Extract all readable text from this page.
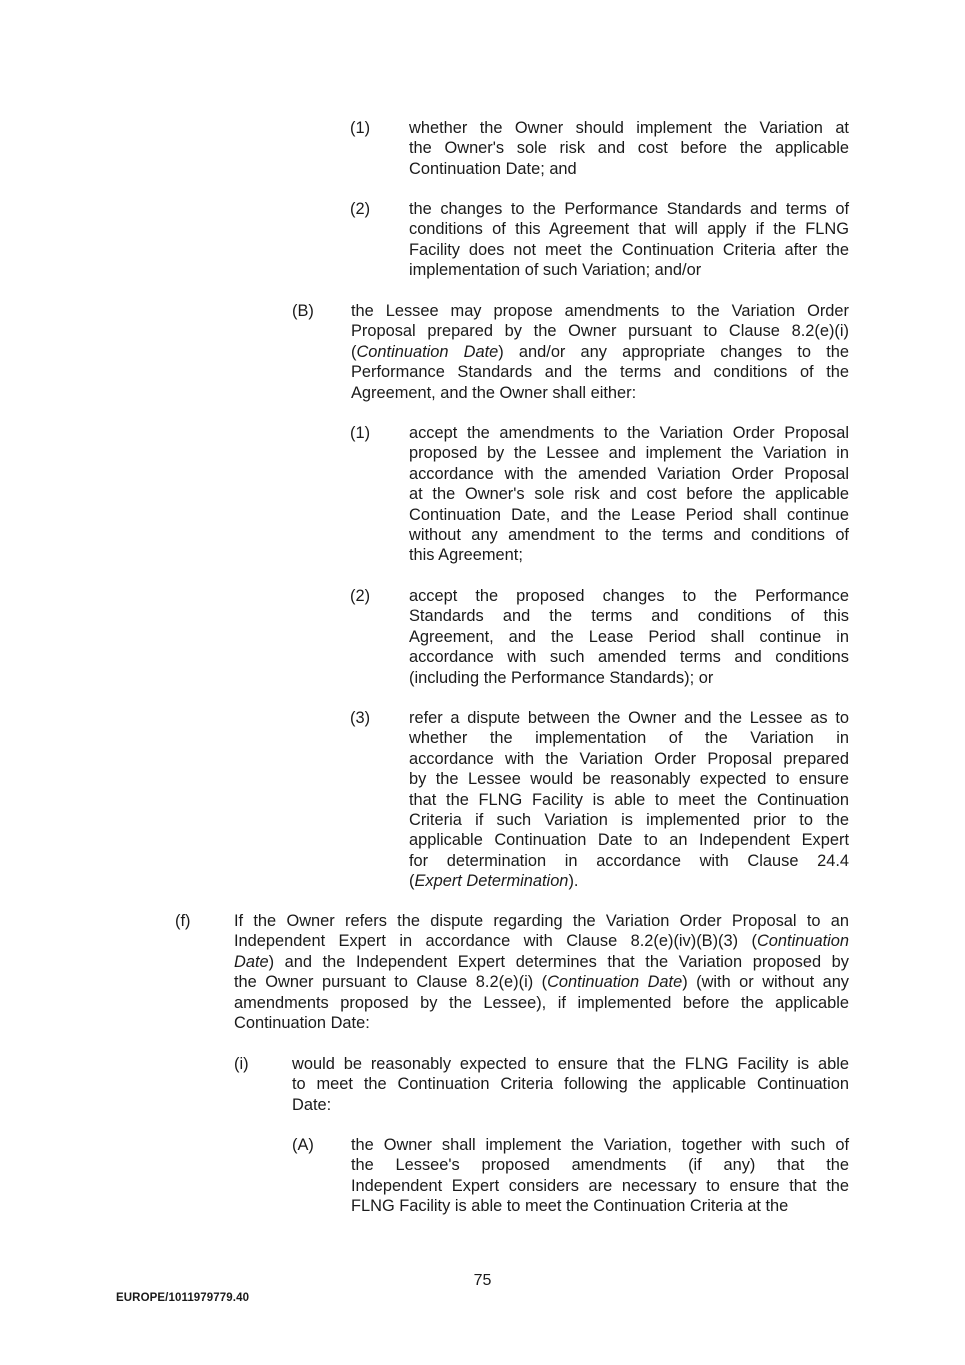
(1) whether the Owner should implement the Variation at
the Owner's sole risk and cost before the applicable
Continuation Date; and
(2) the changes to the Performance Standards and terms of
conditions of this Agreement that will apply if the FLNG
Facility does not meet the Continuation Criteria after the
implementation of such Variation; and/or
(B) the Lessee may propose amendments to the Variation Order
Proposal prepared by the Owner pursuant to Clause 8.2(e)(i)
(Continuation Date) and/or any appropriate changes to the
Performance Standards and the terms and conditions of the
Agreement, and the Owner shall either:
(1) accept the amendments to the Variation Order Proposal
proposed by the Lessee and implement the Variation in
accordance with the amended Variation Order Proposal
at the Owner's sole risk and cost before the applicable
Continuation Date, and the Lease Period shall continue
without any amendment to the terms and conditions of
this Agreement;
(2) accept the proposed changes to the Performance
Standards and the terms and conditions of this
Agreement, and the Lease Period shall continue in
accordance with such amended terms and conditions
(including the Performance Standards); or
(3) refer a dispute between the Owner and the Lessee as to
whether the implementation of the Variation in
accordance with the Variation Order Proposal prepared
by the Lessee would be reasonably expected to ensure
that the FLNG Facility is able to meet the Continuation
Criteria if such Variation is implemented prior to the
applicable Continuation Date to an Independent Expert
for determination in accordance with Clause 24.4
(Expert Determination).
(f)	If the Owner refers the dispute regarding the Variation Order Proposal to an
Independent Expert in accordance with Clause 8.2(e)(iv)(B)(3) (Continuation
Date) and the Independent Expert determines that the Variation proposed by
the Owner pursuant to Clause 8.2(e)(i) (Continuation Date) (with or without any
amendments proposed by the Lessee), if implemented before the applicable
Continuation Date:
(i)	would be reasonably expected to ensure that the FLNG Facility is able
to meet the Continuation Criteria following the applicable Continuation
Date:
(A) the Owner shall implement the Variation, together with such of
the Lessee's proposed amendments (if any) that the
Independent Expert considers are necessary to ensure that the
FLNG Facility is able to meet the Continuation Criteria at the
75
EUROPE/1011979779.40
